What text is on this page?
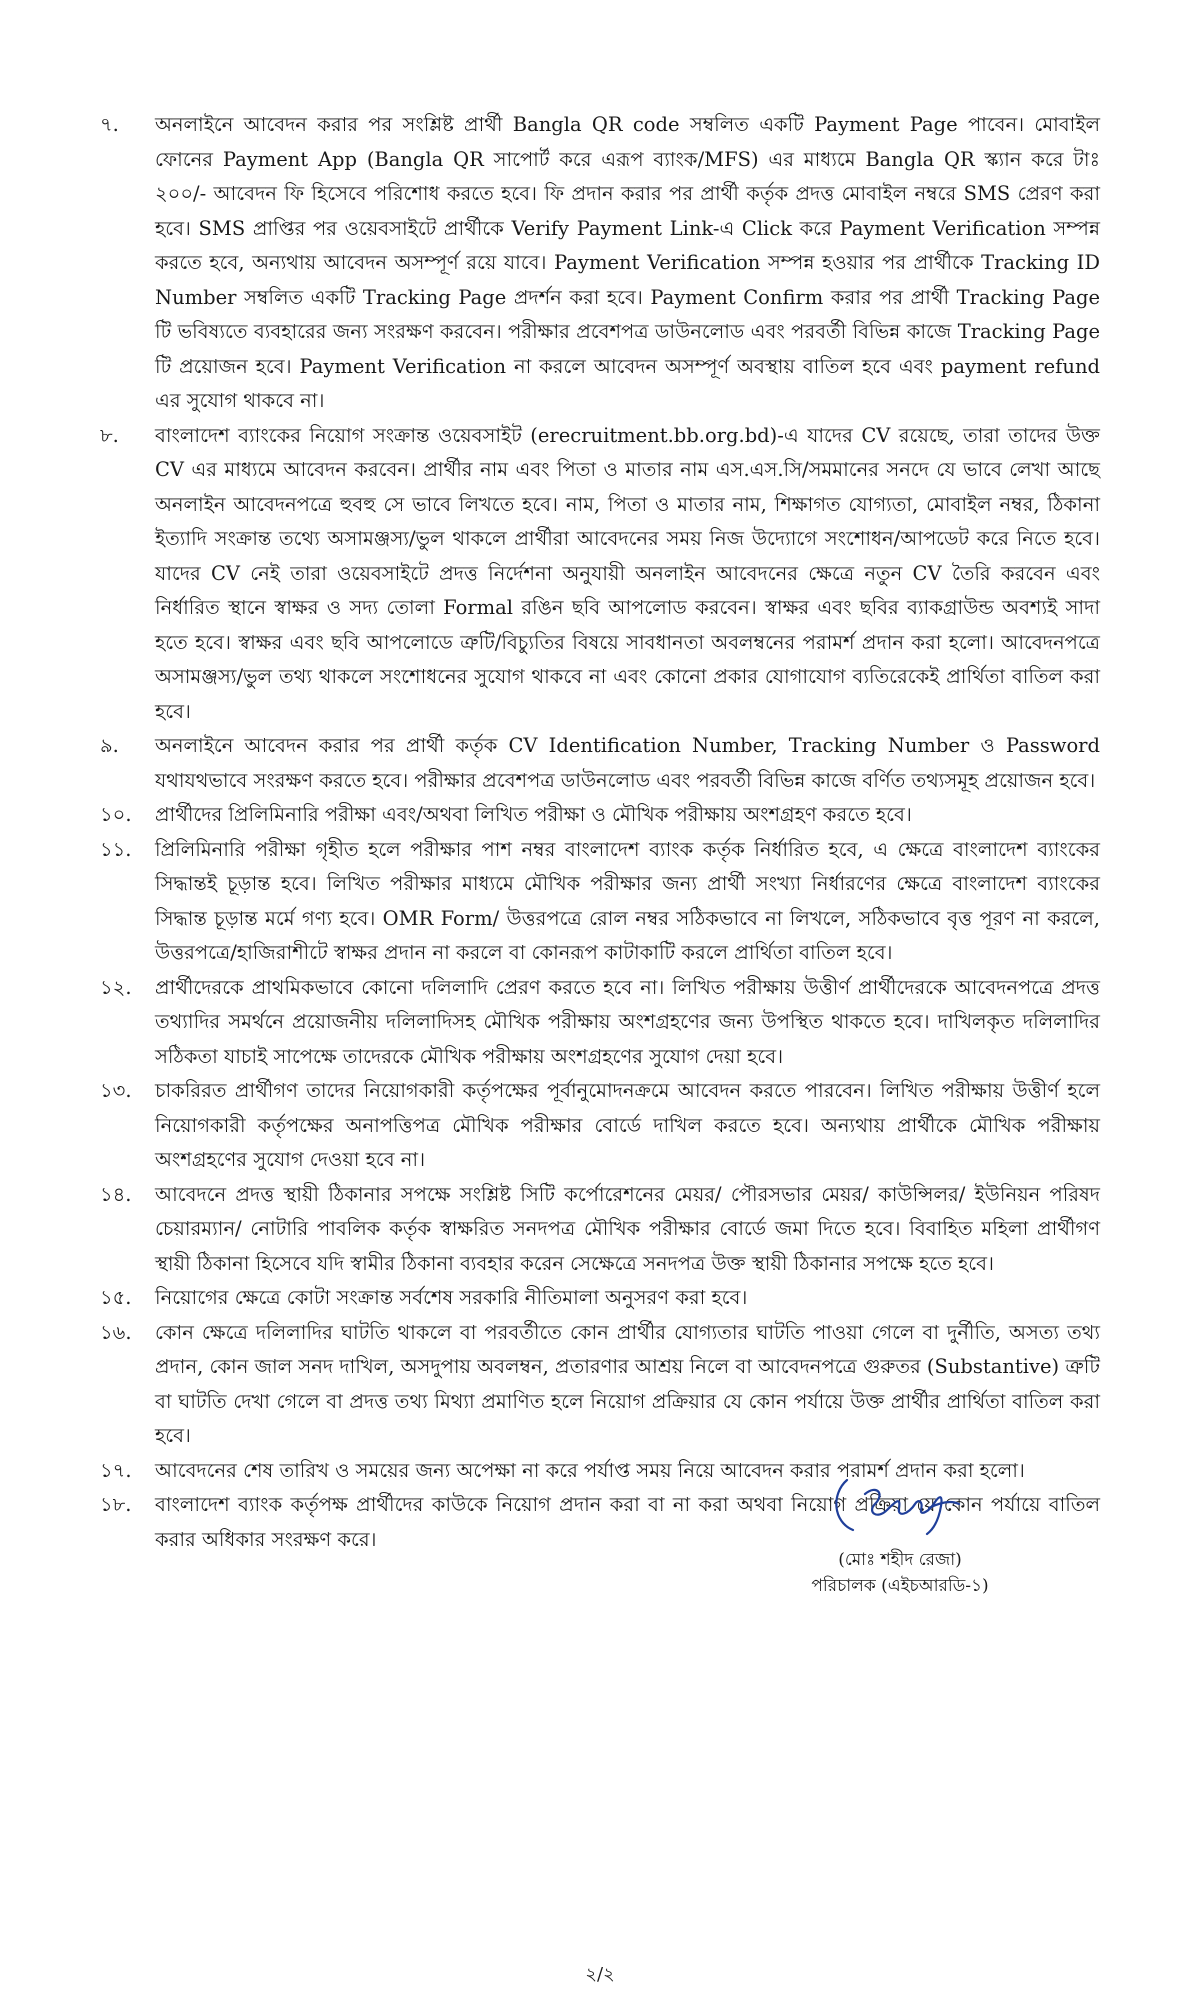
৭.	অনলাইনে আবেদন করার পর সংশ্লিষ্ট প্রার্থী Bangla QR code সম্বলিত একটি Payment Page পাবেন। মোবাইল ফোনের Payment App (Bangla QR সাপোর্ট করে এরূপ ব্যাংক/MFS) এর মাধ্যমে Bangla QR স্ক্যান করে টাঃ ২০০/- আবেদন ফি হিসেবে পরিশোধ করতে হবে। ফি প্রদান করার পর প্রার্থী কর্তৃক প্রদত্ত মোবাইল নম্বরে SMS প্রেরণ করা হবে। SMS প্রাপ্তির পর ওয়েবসাইটে প্রার্থীকে Verify Payment Link-এ Click করে Payment Verification সম্পন্ন করতে হবে, অন্যথায় আবেদন অসম্পূর্ণ রয়ে যাবে। Payment Verification সম্পন্ন হওয়ার পর প্রার্থীকে Tracking ID Number সম্বলিত একটি Tracking Page প্রদর্শন করা হবে। Payment Confirm করার পর প্রার্থী Tracking Page টি ভবিষ্যতে ব্যবহারের জন্য সংরক্ষণ করবেন। পরীক্ষার প্রবেশপত্র ডাউনলোড এবং পরবর্তী বিভিন্ন কাজে Tracking Page টি প্রয়োজন হবে। Payment Verification না করলে আবেদন অসম্পূর্ণ অবস্থায় বাতিল হবে এবং payment refund এর সুযোগ থাকবে না।
৮.	বাংলাদেশ ব্যাংকের নিয়োগ সংক্রান্ত ওয়েবসাইট (erecruitment.bb.org.bd)-এ যাদের CV রয়েছে, তারা তাদের উক্ত CV এর মাধ্যমে আবেদন করবেন। প্রার্থীর নাম এবং পিতা ও মাতার নাম এস.এস.সি/সমমানের সনদে যে ভাবে লেখা আছে অনলাইন আবেদনপত্রে হুবহু সে ভাবে লিখতে হবে। নাম, পিতা ও মাতার নাম, শিক্ষাগত যোগ্যতা, মোবাইল নম্বর, ঠিকানা ইত্যাদি সংক্রান্ত তথ্যে অসামঞ্জস্য/ভুল থাকলে প্রার্থীরা আবেদনের সময় নিজ উদ্যোগে সংশোধন/আপডেট করে নিতে হবে। যাদের CV নেই তারা ওয়েবসাইটে প্রদত্ত নির্দেশনা অনুযায়ী অনলাইন আবেদনের ক্ষেত্রে নতুন CV তৈরি করবেন এবং নির্ধারিত স্থানে স্বাক্ষর ও সদ্য তোলা Formal রঙিন ছবি আপলোড করবেন। স্বাক্ষর এবং ছবির ব্যাকগ্রাউন্ড অবশ্যই সাদা হতে হবে। স্বাক্ষর এবং ছবি আপলোডে ত্রুটি/বিচ্যুতির বিষয়ে সাবধানতা অবলম্বনের পরামর্শ প্রদান করা হলো। আবেদনপত্রে অসামঞ্জস্য/ভুল তথ্য থাকলে সংশোধনের সুযোগ থাকবে না এবং কোনো প্রকার যোগাযোগ ব্যতিরেকেই প্রার্থিতা বাতিল করা হবে।
৯.	অনলাইনে আবেদন করার পর প্রার্থী কর্তৃক CV Identification Number, Tracking Number ও Password যথাযথভাবে সংরক্ষণ করতে হবে। পরীক্ষার প্রবেশপত্র ডাউনলোড এবং পরবর্তী বিভিন্ন কাজে বর্ণিত তথ্যসমূহ প্রয়োজন হবে।
১০.	প্রার্থীদের প্রিলিমিনারি পরীক্ষা এবং/অথবা লিখিত পরীক্ষা ও মৌখিক পরীক্ষায় অংশগ্রহণ করতে হবে।
১১.	প্রিলিমিনারি পরীক্ষা গৃহীত হলে পরীক্ষার পাশ নম্বর বাংলাদেশ ব্যাংক কর্তৃক নির্ধারিত হবে, এ ক্ষেত্রে বাংলাদেশ ব্যাংকের সিদ্ধান্তই চূড়ান্ত হবে। লিখিত পরীক্ষার মাধ্যমে মৌখিক পরীক্ষার জন্য প্রার্থী সংখ্যা নির্ধারণের ক্ষেত্রে বাংলাদেশ ব্যাংকের সিদ্ধান্ত চূড়ান্ত মর্মে গণ্য হবে। OMR Form/ উত্তরপত্রে রোল নম্বর সঠিকভাবে না লিখলে, সঠিকভাবে বৃত্ত পূরণ না করলে, উত্তরপত্রে/হাজিরাশীটে স্বাক্ষর প্রদান না করলে বা কোনরূপ কাটাকাটি করলে প্রার্থিতা বাতিল হবে।
১২.	প্রার্থীদেরকে প্রাথমিকভাবে কোনো দলিলাদি প্রেরণ করতে হবে না। লিখিত পরীক্ষায় উত্তীর্ণ প্রার্থীদেরকে আবেদনপত্রে প্রদত্ত তথ্যাদির সমর্থনে প্রয়োজনীয় দলিলাদিসহ মৌখিক পরীক্ষায় অংশগ্রহণের জন্য উপস্থিত থাকতে হবে। দাখিলকৃত দলিলাদির সঠিকতা যাচাই সাপেক্ষে তাদেরকে মৌখিক পরীক্ষায় অংশগ্রহণের সুযোগ দেয়া হবে।
১৩.	চাকরিরত প্রার্থীগণ তাদের নিয়োগকারী কর্তৃপক্ষের পূর্বানুমোদনক্রমে আবেদন করতে পারবেন। লিখিত পরীক্ষায় উত্তীর্ণ হলে নিয়োগকারী কর্তৃপক্ষের অনাপত্তিপত্র মৌখিক পরীক্ষার বোর্ডে দাখিল করতে হবে। অন্যথায় প্রার্থীকে মৌখিক পরীক্ষায় অংশগ্রহণের সুযোগ দেওয়া হবে না।
১৪.	আবেদনে প্রদত্ত স্থায়ী ঠিকানার সপক্ষে সংশ্লিষ্ট সিটি কর্পোরেশনের মেয়র/ পৌরসভার মেয়র/ কাউন্সিলর/ ইউনিয়ন পরিষদ চেয়ারম্যান/ নোটারি পাবলিক কর্তৃক স্বাক্ষরিত সনদপত্র মৌখিক পরীক্ষার বোর্ডে জমা দিতে হবে। বিবাহিত মহিলা প্রার্থীগণ স্থায়ী ঠিকানা হিসেবে যদি স্বামীর ঠিকানা ব্যবহার করেন সেক্ষেত্রে সনদপত্র উক্ত স্থায়ী ঠিকানার সপক্ষে হতে হবে।
১৫.	নিয়োগের ক্ষেত্রে কোটা সংক্রান্ত সর্বশেষ সরকারি নীতিমালা অনুসরণ করা হবে।
১৬.	কোন ক্ষেত্রে দলিলাদির ঘাটতি থাকলে বা পরবর্তীতে কোন প্রার্থীর যোগ্যতার ঘাটতি পাওয়া গেলে বা দুর্নীতি, অসত্য তথ্য প্রদান, কোন জাল সনদ দাখিল, অসদুপায় অবলম্বন, প্রতারণার আশ্রয় নিলে বা আবেদনপত্রে গুরুতর (Substantive) ত্রুটি বা ঘাটতি দেখা গেলে বা প্রদত্ত তথ্য মিথ্যা প্রমাণিত হলে নিয়োগ প্রক্রিয়ার যে কোন পর্যায়ে উক্ত প্রার্থীর প্রার্থিতা বাতিল করা হবে।
১৭.	আবেদনের শেষ তারিখ ও সময়ের জন্য অপেক্ষা না করে পর্যাপ্ত সময় নিয়ে আবেদন করার পরামর্শ প্রদান করা হলো।
১৮.	বাংলাদেশ ব্যাংক কর্তৃপক্ষ প্রার্থীদের কাউকে নিয়োগ প্রদান করা বা না করা অথবা নিয়োগ প্রক্রিয়া যে কোন পর্যায়ে বাতিল করার অধিকার সংরক্ষণ করে।
(মোঃ শহীদ রেজা)
পরিচালক (এইচআরডি-১)
২/২
